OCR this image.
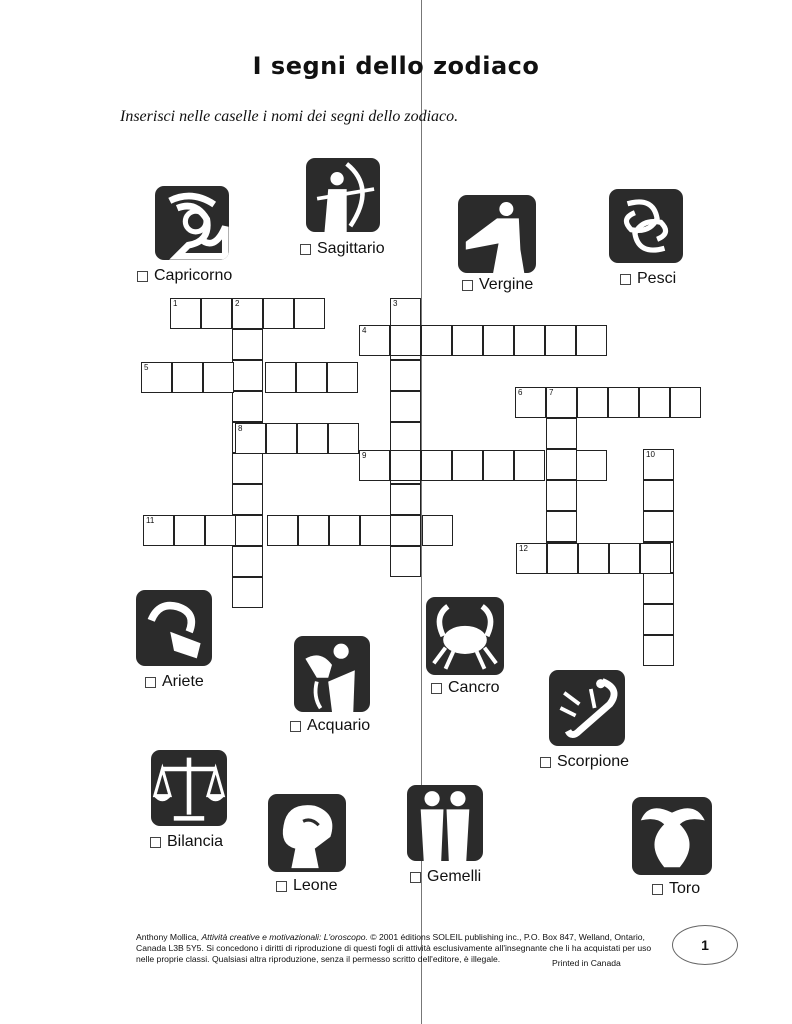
I segni dello zodiaco
Inserisci nelle caselle i nomi dei segni dello zodiaco.
Capricorno
Sagittario
Vergine	Pesci
Ariete
Acquario
Cancro
Scorpione
Bilancia
Leone
Gemelli
Toro
1	2	3
4
5
6	7
8
9	10
11
12
Anthony Mollica, Attività creative e motivazionali: L'oroscopo. © 2001 éditions SOLEIL publishing inc., P.O. Box 847, Welland, Ontario,
Canada L3B 5Y5. Si concedono i diritti di riproduzione di questi fogli di attività esclusivamente all'insegnante che li ha acquistati per uso
nelle proprie classi. Qualsiasi altra riproduzione, senza il permesso scritto dell'editore, è illegale.	Printed in Canada
1
